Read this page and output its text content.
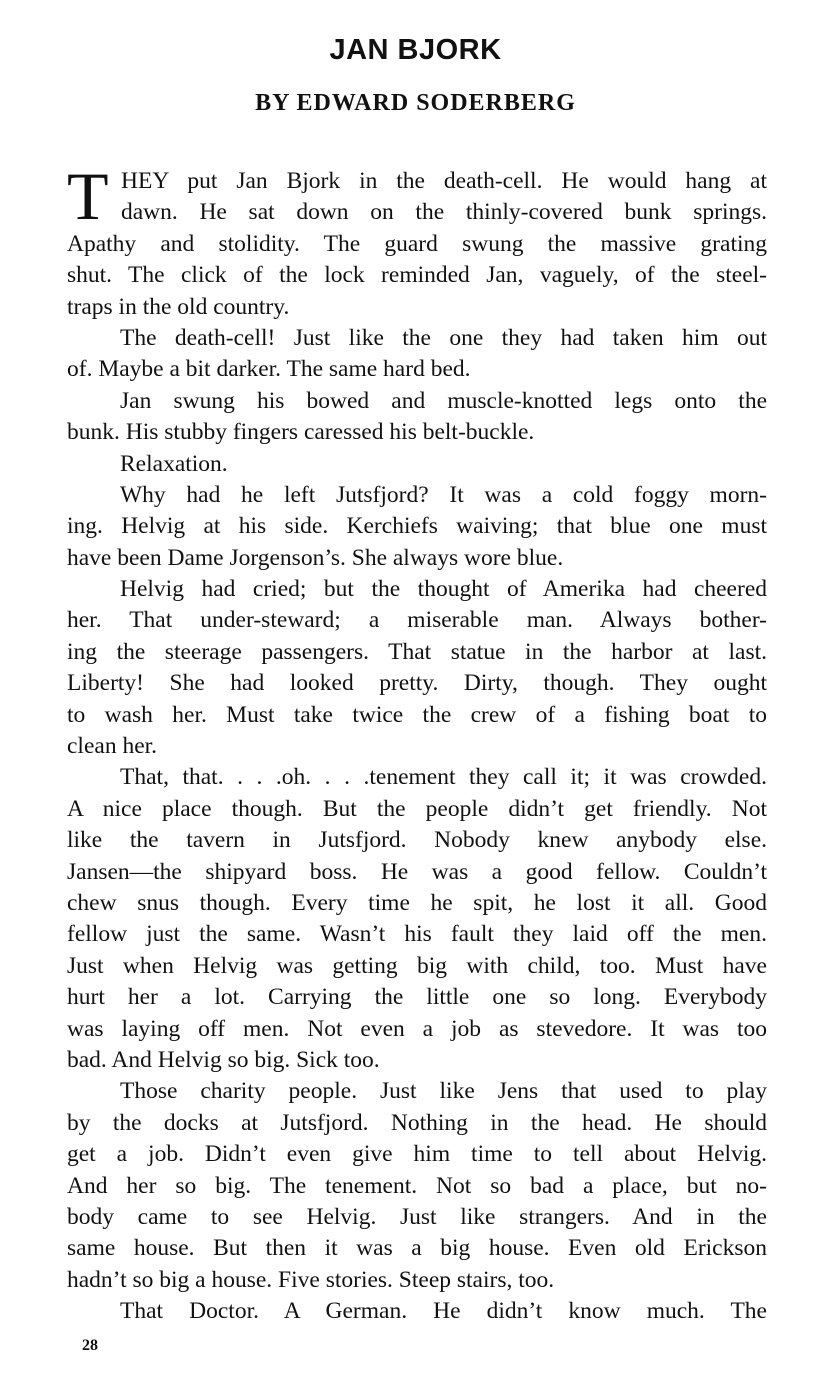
JAN BJORK
BY EDWARD SODERBERG
T HEY put Jan Bjork in the death-cell. He would hang at
dawn. He sat down on the thinly-covered bunk springs.
Apathy and stolidity. The guard swung the massive grating
shut. The click of the lock reminded Jan, vaguely, of the steel-
traps in the old country.
The death-cell! Just like the one they had taken him out
of. Maybe a bit darker. The same hard bed.
Jan swung his bowed and muscle-knotted legs onto the
bunk. His stubby fingers caressed his belt-buckle.
Relaxation.
Why had he left Jutsfjord? It was a cold foggy morn-
ing. Helvig at his side. Kerchiefs waiving; that blue one must
have been Dame Jorgenson’s. She always wore blue.
Helvig had cried; but the thought of Amerika had cheered
her. That under-steward; a miserable man. Always bother-
ing the steerage passengers. That statue in the harbor at last.
Liberty! She had looked pretty. Dirty, though. They ought
to wash her. Must take twice the crew of a fishing boat to
clean her.
That, that. . . .oh. . . .tenement they call it; it was crowded.
A nice place though. But the people didn’t get friendly. Not
like the tavern in Jutsfjord. Nobody knew anybody else.
Jansen—the shipyard boss. He was a good fellow. Couldn’t
chew snus though. Every time he spit, he lost it all. Good
fellow just the same. Wasn’t his fault they laid off the men.
Just when Helvig was getting big with child, too. Must have
hurt her a lot. Carrying the little one so long. Everybody
was laying off men. Not even a job as stevedore. It was too
bad. And Helvig so big. Sick too.
Those charity people. Just like Jens that used to play
by the docks at Jutsfjord. Nothing in the head. He should
get a job. Didn’t even give him time to tell about Helvig.
And her so big. The tenement. Not so bad a place, but no-
body came to see Helvig. Just like strangers. And in the
same house. But then it was a big house. Even old Erickson
hadn’t so big a house. Five stories. Steep stairs, too.
That Doctor. A German. He didn’t know much. The
28
